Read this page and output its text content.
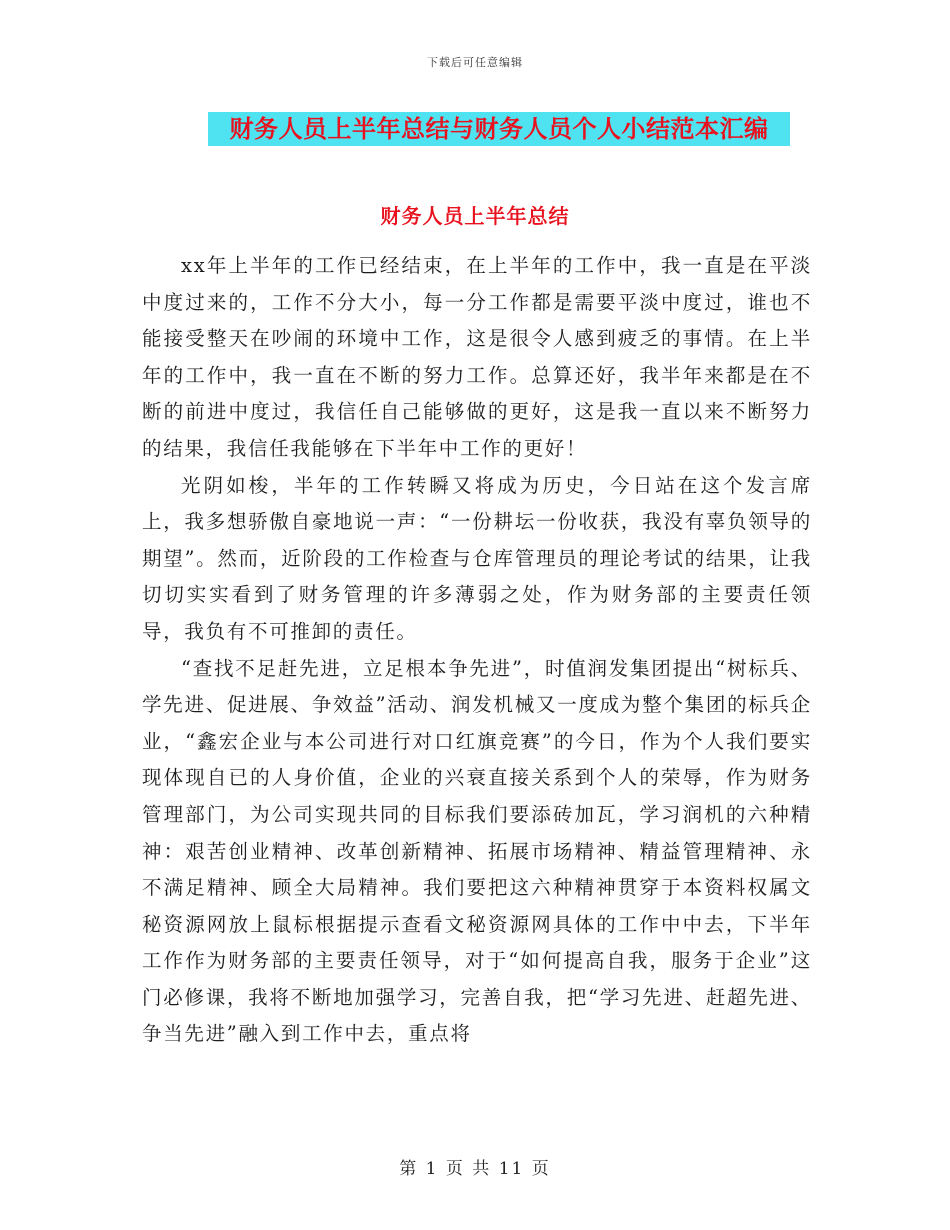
下载后可任意编辑
财务人员上半年总结与财务人员个人小结范本汇编
财务人员上半年总结

xx年上半年的工作已经结束，在上半年的工作中，我一直是在平淡中度过来的，工作不分大小，每一分工作都是需要平淡中度过，谁也不能接受整天在吵闹的环境中工作，这是很令人感到疲乏的事情。在上半年的工作中，我一直在不断的努力工作。总算还好，我半年来都是在不断的前进中度过，我信任自己能够做的更好，这是我一直以来不断努力的结果，我信任我能够在下半年中工作的更好！

光阴如梭，半年的工作转瞬又将成为历史，今日站在这个发言席上，我多想骄傲自豪地说一声：“一份耕坛一份收获，我没有辜负领导的期望”。然而，近阶段的工作检查与仓库管理员的理论考试的结果，让我切切实实看到了财务管理的许多薄弱之处，作为财务部的主要责任领导，我负有不可推卸的责任。

“查找不足赶先进，立足根本争先进”，时值润发集团提出“树标兵、学先进、促进展、争效益”活动、润发机械又一度成为整个集团的标兵企业，“鑫宏企业与本公司进行对口红旗竞赛”的今日，作为个人我们要实现体现自已的人身价值，企业的兴衰直接关系到个人的荣辱，作为财务管理部门，为公司实现共同的目标我们要添砖加瓦，学习润机的六种精神：艰苦创业精神、改革创新精神、拓展市场精神、精益管理精神、永不满足精神、顾全大局精神。我们要把这六种精神贯穿于本资料权属文秘资源网放上鼠标根据提示查看文秘资源网具体的工作中中去，下半年工作作为财务部的主要责任领导，对于“如何提高自我，服务于企业”这门必修课，我将不断地加强学习，完善自我，把“学习先进、赶超先进、争当先进”融入到工作中去，重点将

第 1 页 共 11 页
